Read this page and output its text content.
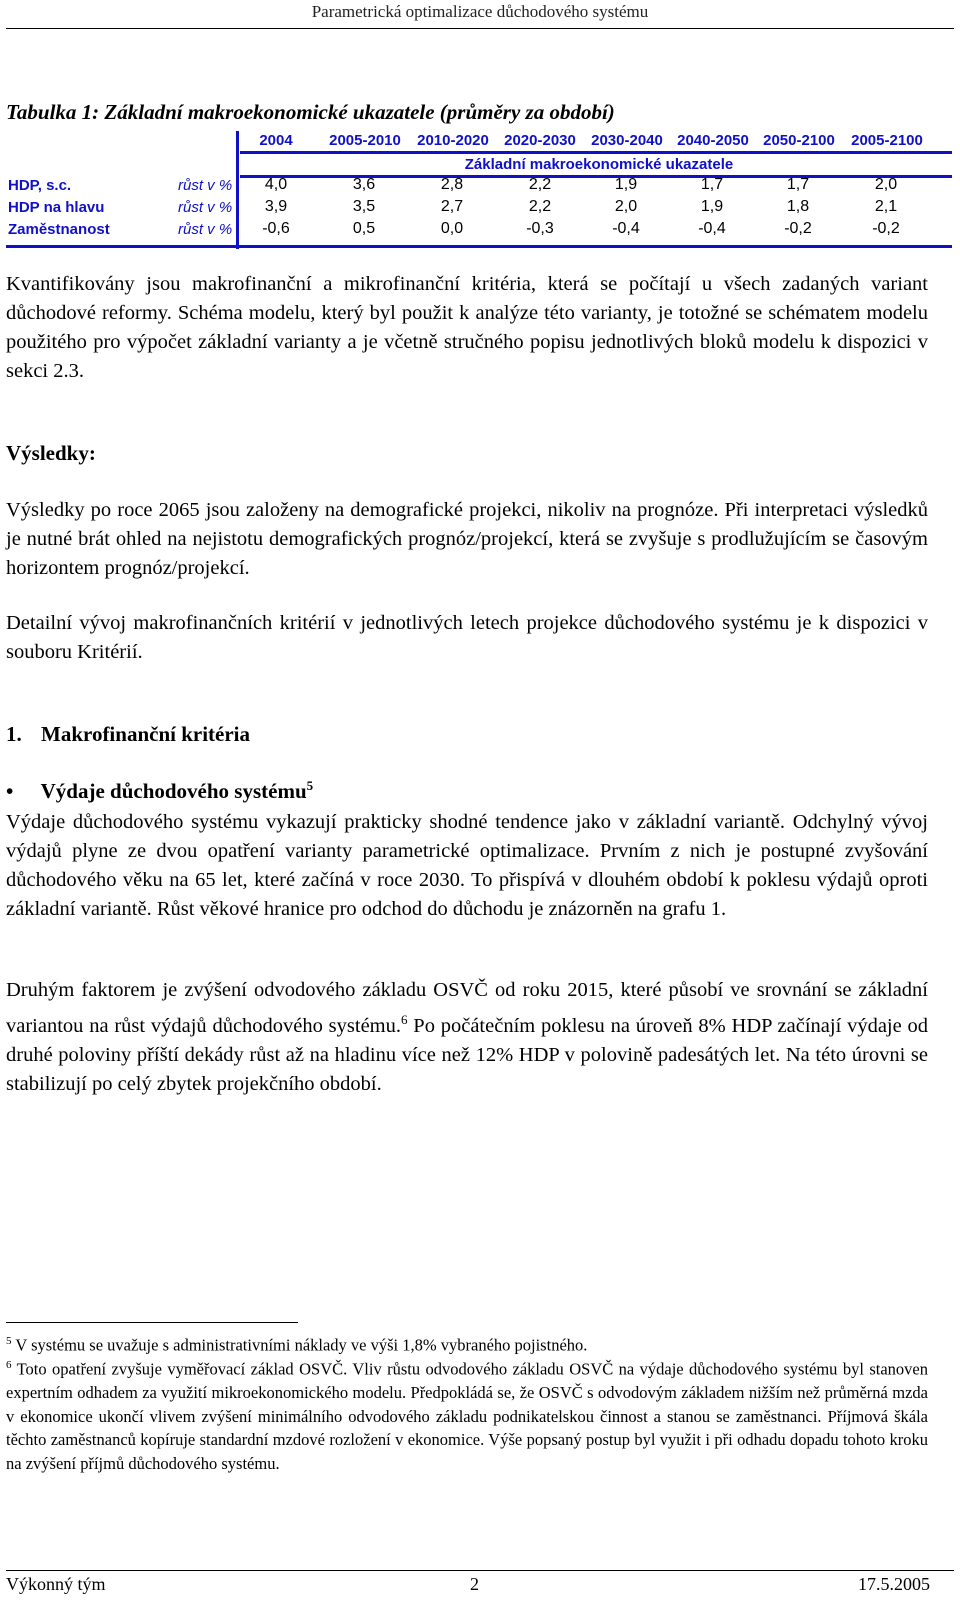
Parametrická optimalizace důchodového systému
Tabulka 1: Základní makroekonomické ukazatele (průměry za období)
2004	2005-2010	2010-2020	2020-2030	2030-2040 2040-2050 2050-2100	2005-2100
Základní makroekonomické ukazatele
HDP, s.c.	růst v %	4,0	3,6	2,8	2,2	1,9	1,7	1,7	2,0
HDP na hlavu	růst v %	3,9	3,5	2,7	2,2	2,0	1,9	1,8	2,1
Zaměstnanost	růst v %	-0,6	0,5	0,0	-0,3	-0,4	-0,4	-0,2	-0,2
Kvantifikovány jsou makrofinanční a mikrofinanční kritéria, která se počítají u všech zadaných variant důchodové reformy. Schéma modelu, který byl použit k analýze této varianty, je totožné se schématem modelu použitého pro výpočet základní varianty a je včetně stručného popisu jednotlivých bloků modelu k dispozici v sekci 2.3.
Výsledky:
Výsledky po roce 2065 jsou založeny na demografické projekci, nikoliv na prognóze. Při interpretaci výsledků je nutné brát ohled na nejistotu demografických prognóz/projekcí, která se zvyšuje s prodlužujícím se časovým horizontem prognóz/projekcí.
Detailní vývoj makrofinančních kritérií v jednotlivých letech projekce důchodového systému je k dispozici v souboru Kritérií.
1. Makrofinanční kritéria
• Výdaje důchodového systému$^5$
Výdaje důchodového systému vykazují prakticky shodné tendence jako v základní variantě. Odchylný vývoj výdajů plyne ze dvou opatření varianty parametrické optimalizace. Prvním z nich je postupné zvyšování důchodového věku na 65 let, které začíná v roce 2030. To přispívá v dlouhém období k poklesu výdajů oproti základní variantě. Růst věkové hranice pro odchod do důchodu je znázorněn na grafu 1.
Druhým faktorem je zvýšení odvodového základu OSVČ od roku 2015, které působí ve srovnání se základní variantou na růst výdajů důchodového systému.$^6$ Po počátečním poklesu na úroveň 8% HDP začínají výdaje od druhé poloviny příští dekády růst až na hladinu více než 12% HDP v polovině padesátých let. Na této úrovni se stabilizují po celý zbytek projekčního období.
$^5$ V systému se uvažuje s administrativními náklady ve výši 1,8% vybraného pojistného.
$^6$ Toto opatření zvyšuje vyměřovací základ OSVČ. Vliv růstu odvodového základu OSVČ na výdaje důchodového systému byl stanoven expertním odhadem za využití mikroekonomického modelu. Předpokládá se, že OSVČ s odvodovým základem nižším než průměrná mzda v ekonomice ukončí vlivem zvýšení minimálního odvodového základu podnikatelskou činnost a stanou se zaměstnanci. Příjmová škála těchto zaměstnanců kopíruje standardní mzdové rozložení v ekonomice. Výše popsaný postup byl využit i při odhadu dopadu tohoto kroku na zvýšení příjmů důchodového systému.
Výkonný tým	2	17.5.2005
